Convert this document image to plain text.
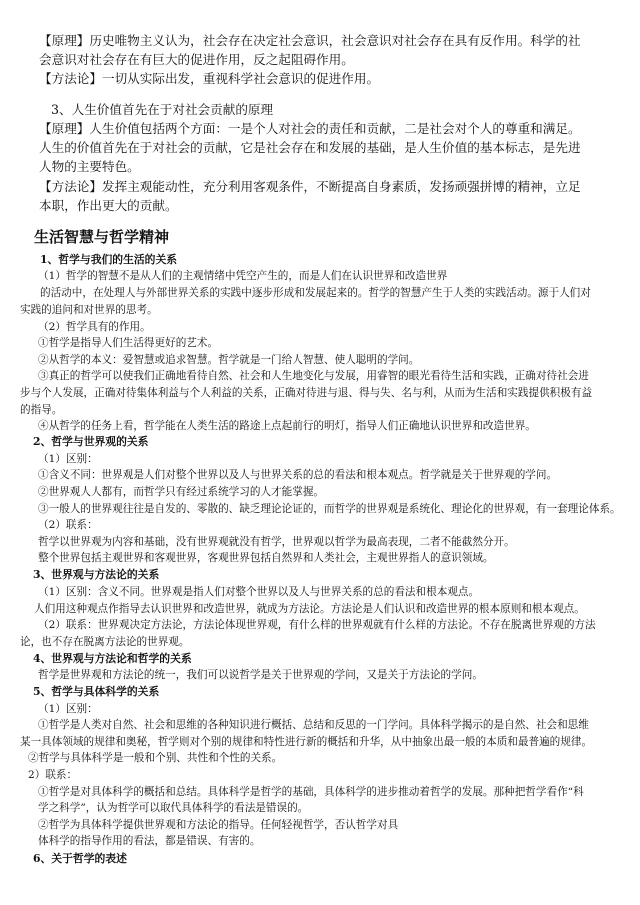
【原理】历史唯物主义认为，社会存在决定社会意识，社会意识对社会存在具有反作用。科学的社
会意识对社会存在有巨大的促进作用，反之起阻碍作用。
【方法论】一切从实际出发，重视科学社会意识的促进作用。
3、人生价值首先在于对社会贡献的原理
【原理】人生价值包括两个方面：一是个人对社会的责任和贡献，二是社会对个人的尊重和满足。
人生的价值首先在于对社会的贡献，它是社会存在和发展的基础，是人生价值的基本标志，是先进
人物的主要特色。
【方法论】发挥主观能动性，充分利用客观条件，不断提高自身素质，发扬顽强拼博的精神，立足
本职，作出更大的贡献。
生活智慧与哲学精神
1、哲学与我们的生活的关系
（1）哲学的智慧不是从人们的主观情绪中凭空产生的，而是人们在认识世界和改造世界
的活动中，在处理人与外部世界关系的实践中逐步形成和发展起来的。哲学的智慧产生于人类的实践活动。源于人们对
实践的追问和对世界的思考。
（2）哲学具有的作用。
①哲学是指导人们生活得更好的艺术。
②从哲学的本义：爱智慧或追求智慧。哲学就是一门给人智慧、使人聪明的学问。
③真正的哲学可以使我们正确地看待自然、社会和人生地变化与发展，用睿智的眼光看待生活和实践，正确对待社会进
步与个人发展，正确对待集体利益与个人利益的关系，正确对待进与退、得与失、名与利，从而为生活和实践提供积极有益
的指导。
④从哲学的任务上看，哲学能在人类生活的路途上点起前行的明灯，指导人们正确地认识世界和改造世界。
2、哲学与世界观的关系
（1）区别：
①含义不同：世界观是人们对整个世界以及人与世界关系的总的看法和根本观点。哲学就是关于世界观的学问。
②世界观人人都有，而哲学只有经过系统学习的人才能掌握。
③一般人的世界观往往是自发的、零散的、缺乏理论论证的，而哲学的世界观是系统化、理论化的世界观，有一套理论体系。
（2）联系：
哲学以世界观为内容和基础，没有世界观就没有哲学，世界观以哲学为最高表现，二者不能截然分开。
整个世界包括主观世界和客观世界，客观世界包括自然界和人类社会，主观世界指人的意识领域。
3、世界观与方法论的关系
（1）区别：含义不同。世界观是指人们对整个世界以及人与世界关系的总的看法和根本观点。
人们用这种观点作指导去认识世界和改造世界，就成为方法论。方法论是人们认识和改造世界的根本原则和根本观点。
（2）联系：世界观决定方法论，方法论体现世界观，有什么样的世界观就有什么样的方法论。不存在脱离世界观的方法
论，也不存在脱离方法论的世界观。
4、世界观与方法论和哲学的关系
哲学是世界观和方法论的统一，我们可以说哲学是关于世界观的学问，又是关于方法论的学问。
5、哲学与具体科学的关系
（1）区别：
①哲学是人类对自然、社会和思维的各种知识进行概括、总结和反思的一门学问。具体科学揭示的是自然、社会和思维
某一具体领域的规律和奥秘，哲学则对个别的规律和特性进行新的概括和升华，从中抽象出最一般的本质和最普遍的规律。
②哲学与具体科学是一般和个别、共性和个性的关系。
2）联系：
①哲学是对具体科学的概括和总结。具体科学是哲学的基础，具体科学的进步推动着哲学的发展。那种把哲学看作“科
学之科学”，认为哲学可以取代具体科学的看法是错误的。
②哲学为具体科学提供世界观和方法论的指导。任何轻视哲学，否认哲学对具
体科学的指导作用的看法，都是错误、有害的。
6、关于哲学的表述
